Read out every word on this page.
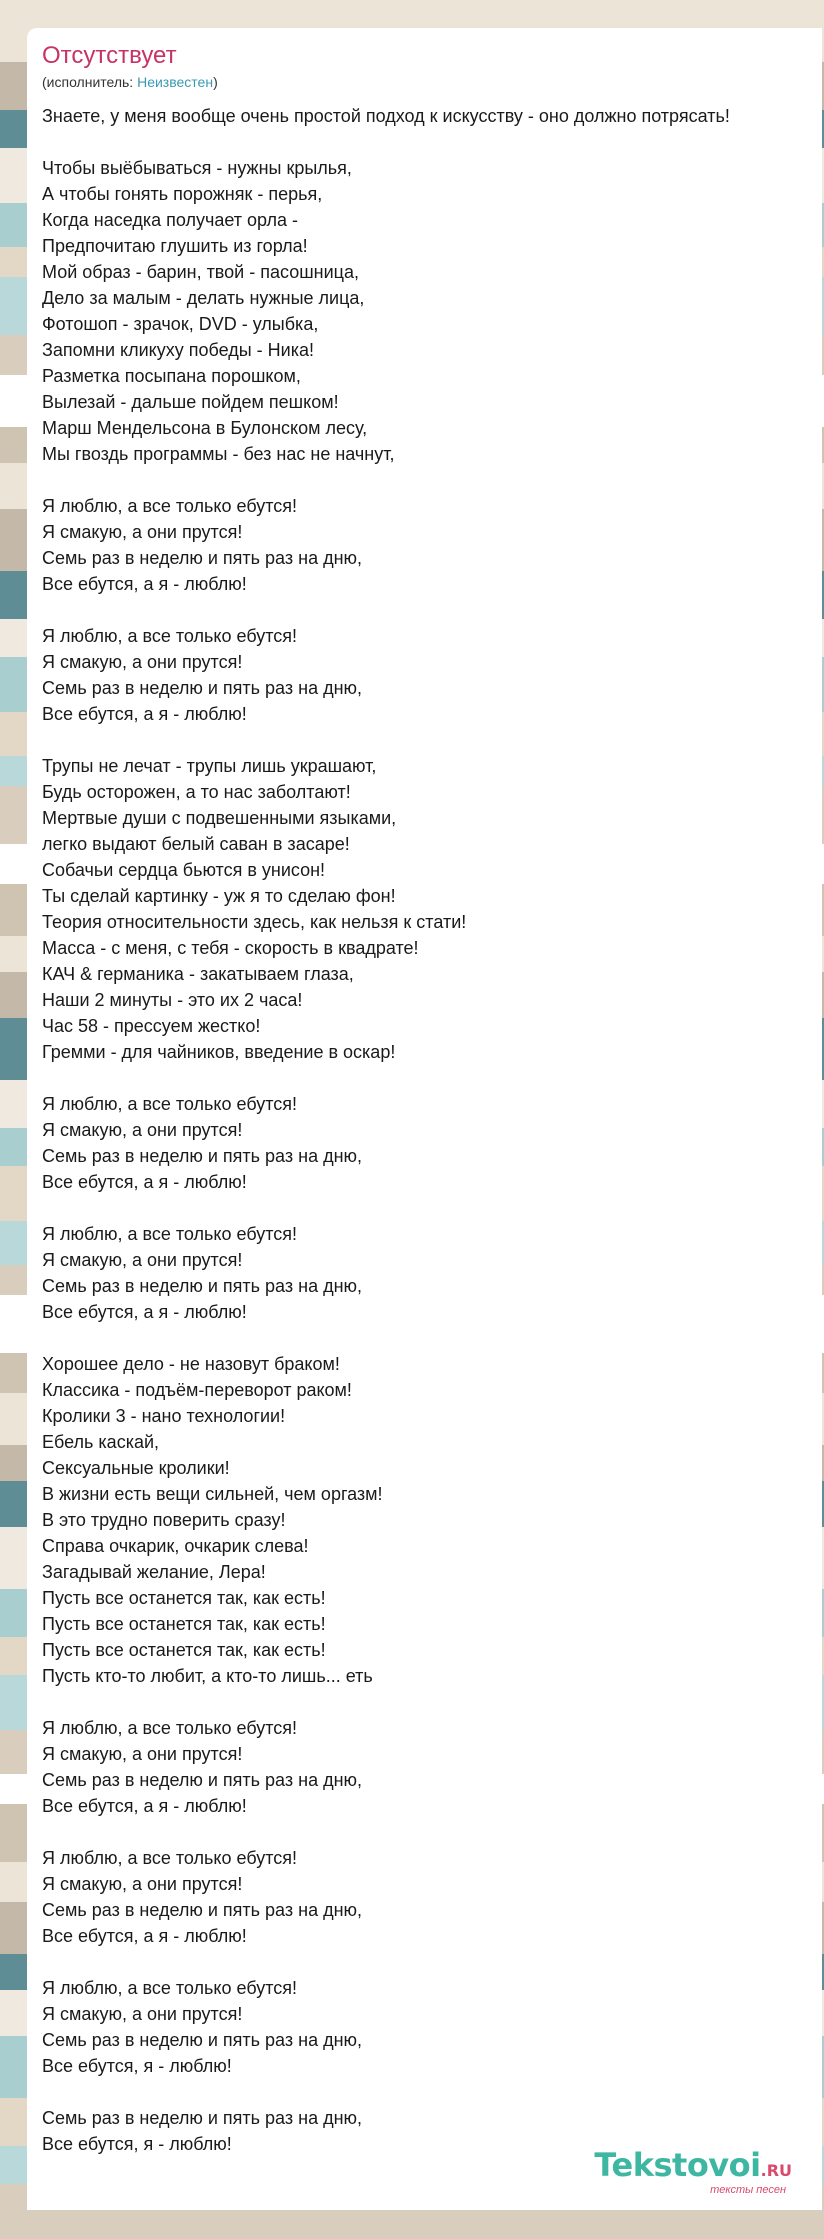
Отсутствует
(исполнитель: Неизвестен)
Знаете, у меня вообще очень простой подход к искусству - оно должно потрясать!
Чтобы выёбываться - нужны крылья,
А чтобы гонять порожняк - перья,
Когда наседка получает орла -
Предпочитаю глушить из горла!
Мой образ - барин, твой - пасошница,
Дело за малым - делать нужные лица,
Фотошоп - зрачок, DVD - улыбка,
Запомни кликуху победы - Ника!
Разметка посыпана порошком,
Вылезай - дальше пойдем пешком!
Марш Мендельсона в Булонском лесу,
Мы гвоздь программы - без нас не начнут,
Я люблю, а все только ебутся!
Я смакую, а они прутся!
Семь раз в неделю и пять раз на дню,
Все ебутся, а я - люблю!
Я люблю, а все только ебутся!
Я смакую, а они прутся!
Семь раз в неделю и пять раз на дню,
Все ебутся, а я - люблю!
Трупы не лечат - трупы лишь украшают,
Будь осторожен, а то нас заболтают!
Мертвые души с подвешенными языками,
легко выдают белый саван в засаре!
Собачьи сердца бьются в унисон!
Ты сделай картинку - уж я то сделаю фон!
Теория относительности здесь, как нельзя к стати!
Масса - с меня, с тебя - скорость в квадрате!
КАЧ & германика - закатываем глаза,
Наши 2 минуты - это их 2 часа!
Час 58 - прессуем жестко!
Гремми - для чайников, введение в оскар!
Я люблю, а все только ебутся!
Я смакую, а они прутся!
Семь раз в неделю и пять раз на дню,
Все ебутся, а я - люблю!
Я люблю, а все только ебутся!
Я смакую, а они прутся!
Семь раз в неделю и пять раз на дню,
Все ебутся, а я - люблю!
Хорошее дело - не назовут браком!
Классика - подъём-переворот раком!
Кролики 3 - нано технологии!
Ебель каскай,
Сексуальные кролики!
В жизни есть вещи сильней, чем оргазм!
В это трудно поверить сразу!
Справа очкарик, очкарик слева!
Загадывай желание, Лера!
Пусть все останется так, как есть!
Пусть все останется так, как есть!
Пусть все останется так, как есть!
Пусть кто-то любит, а кто-то лишь... еть
Я люблю, а все только ебутся!
Я смакую, а они прутся!
Семь раз в неделю и пять раз на дню,
Все ебутся, а я - люблю!
Я люблю, а все только ебутся!
Я смакую, а они прутся!
Семь раз в неделю и пять раз на дню,
Все ебутся, а я - люблю!
Я люблю, а все только ебутся!
Я смакую, а они прутся!
Семь раз в неделю и пять раз на дню,
Все ебутся, я - люблю!
Семь раз в неделю и пять раз на дню,
Все ебутся, я - люблю!
Tekstovoi.RU
тексты песен
